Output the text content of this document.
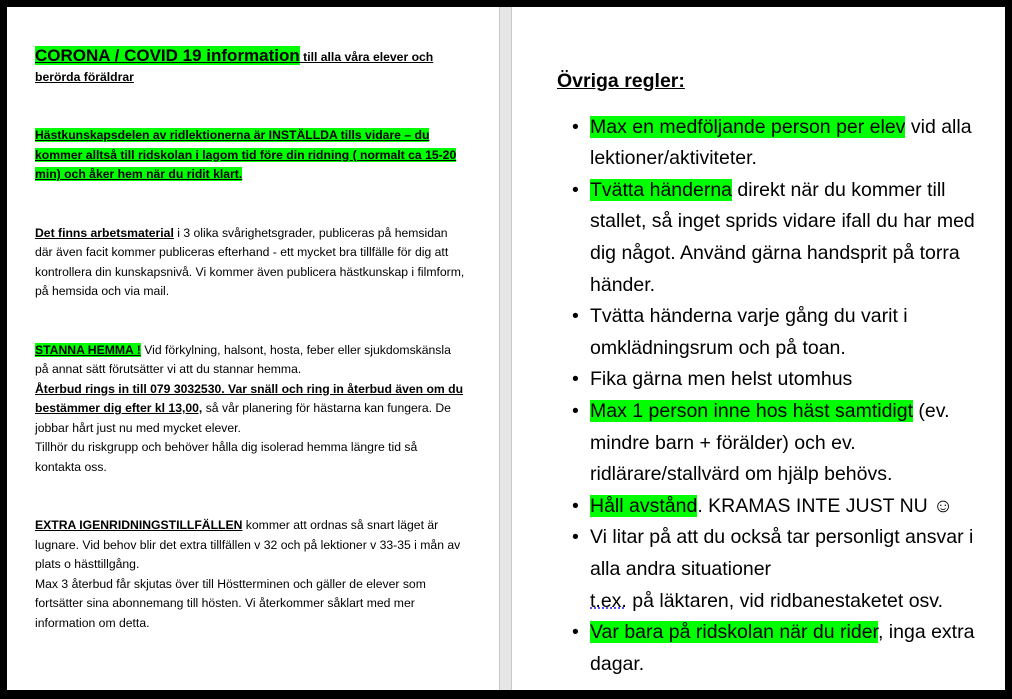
CORONA / COVID 19 information till alla våra elever och berörda föräldrar

Hästkunskapsdelen av ridlektionerna är INSTÄLLDA tills vidare – du kommer alltså till ridskolan i lagom tid före din ridning ( normalt ca 15-20 min) och åker hem när du ridit klart.

Det finns arbetsmaterial i 3 olika svårighetsgrader, publiceras på hemsidan där även facit kommer publiceras efterhand - ett mycket bra tillfälle för dig att kontrollera din kunskapsnivå. Vi kommer även publicera hästkunskap i filmform, på hemsida och via mail.

STANNA HEMMA ! Vid förkylning, halsont, hosta, feber eller sjukdomskänsla på annat sätt förutsätter vi att du stannar hemma.

Återbud rings in till 079 3032530. Var snäll och ring in återbud även om du bestämmer dig efter kl 13,00, så vår planering för hästarna kan fungera. De jobbar hårt just nu med mycket elever.

Tillhör du riskgrupp och behöver hålla dig isolerad hemma längre tid så kontakta oss.

EXTRA IGENRIDNINGSTILLFÄLLEN kommer att ordnas så snart läget är lugnare. Vid behov blir det extra tillfällen v 32 och på lektioner v 33-35 i mån av plats o hästtillgång.

Max 3 återbud får skjutas över till Höstterminen och gäller de elever som fortsätter sina abonnemang till hösten. Vi återkommer såklart med mer information om detta.

Övriga regler:
• Max en medföljande person per elev vid alla lektioner/aktiviteter.
• Tvätta händerna direkt när du kommer till stallet, så inget sprids vidare ifall du har med dig något. Använd gärna handsprit på torra händer.
• Tvätta händerna varje gång du varit i omklädningsrum och på toan.
• Fika gärna men helst utomhus
• Max 1 person inne hos häst samtidigt (ev. mindre barn + förälder) och ev. ridlärare/stallvärd om hjälp behövs.
• Håll avstånd. KRAMAS INTE JUST NU ☺
• Vi litar på att du också tar personligt ansvar i alla andra situationer
t.ex. på läktaren, vid ridbanestaketet osv.
• Var bara på ridskolan när du rider, inga extra dagar.
